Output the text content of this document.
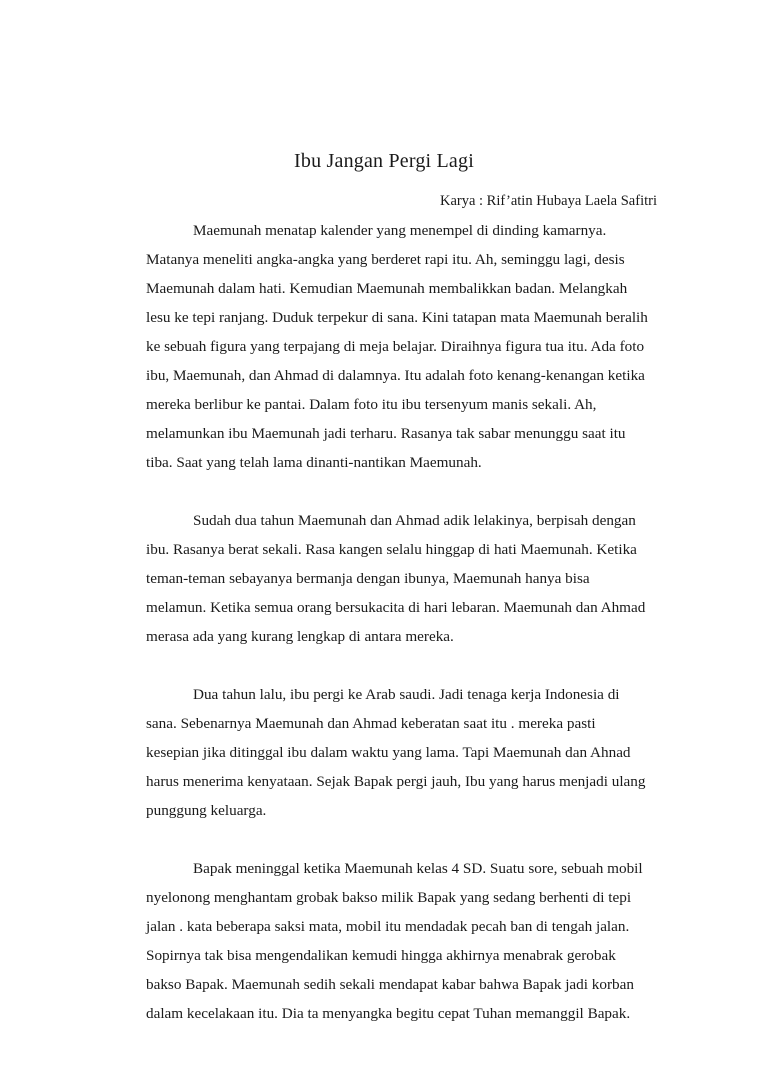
Ibu Jangan Pergi Lagi
Karya : Rif’atin Hubaya Laela Safitri
Maemunah menatap kalender yang menempel di dinding kamarnya.
Matanya meneliti angka-angka yang berderet rapi itu. Ah, seminggu lagi, desis
Maemunah dalam hati. Kemudian Maemunah membalikkan badan. Melangkah
lesu ke tepi ranjang. Duduk terpekur di sana. Kini tatapan mata Maemunah beralih
ke sebuah figura yang terpajang di meja belajar. Diraihnya figura tua itu. Ada foto
ibu, Maemunah, dan Ahmad di dalamnya. Itu adalah foto kenang-kenangan ketika
mereka berlibur ke pantai. Dalam foto itu ibu tersenyum manis sekali. Ah,
melamunkan ibu Maemunah jadi terharu. Rasanya tak sabar menunggu saat itu
tiba. Saat yang telah lama dinanti-nantikan Maemunah.
Sudah dua tahun Maemunah dan Ahmad adik lelakinya, berpisah dengan
ibu. Rasanya berat sekali. Rasa kangen selalu hinggap di hati Maemunah. Ketika
teman-teman sebayanya bermanja dengan ibunya, Maemunah hanya bisa
melamun. Ketika semua orang bersukacita di hari lebaran. Maemunah dan Ahmad
merasa ada yang kurang lengkap di antara mereka.
Dua tahun lalu, ibu pergi ke Arab saudi. Jadi tenaga kerja Indonesia di
sana. Sebenarnya Maemunah dan Ahmad keberatan saat itu . mereka pasti
kesepian jika ditinggal ibu dalam waktu yang lama. Tapi Maemunah dan Ahnad
harus menerima kenyataan. Sejak Bapak pergi jauh, Ibu yang harus menjadi ulang
punggung keluarga.
Bapak meninggal ketika Maemunah kelas 4 SD. Suatu sore, sebuah mobil
nyelonong menghantam grobak bakso milik Bapak yang sedang berhenti di tepi
jalan . kata beberapa saksi mata, mobil itu mendadak pecah ban di tengah jalan.
Sopirnya tak bisa mengendalikan kemudi hingga akhirnya menabrak gerobak
bakso Bapak. Maemunah sedih sekali mendapat kabar bahwa Bapak jadi korban
dalam kecelakaan itu. Dia ta menyangka begitu cepat Tuhan memanggil Bapak.
